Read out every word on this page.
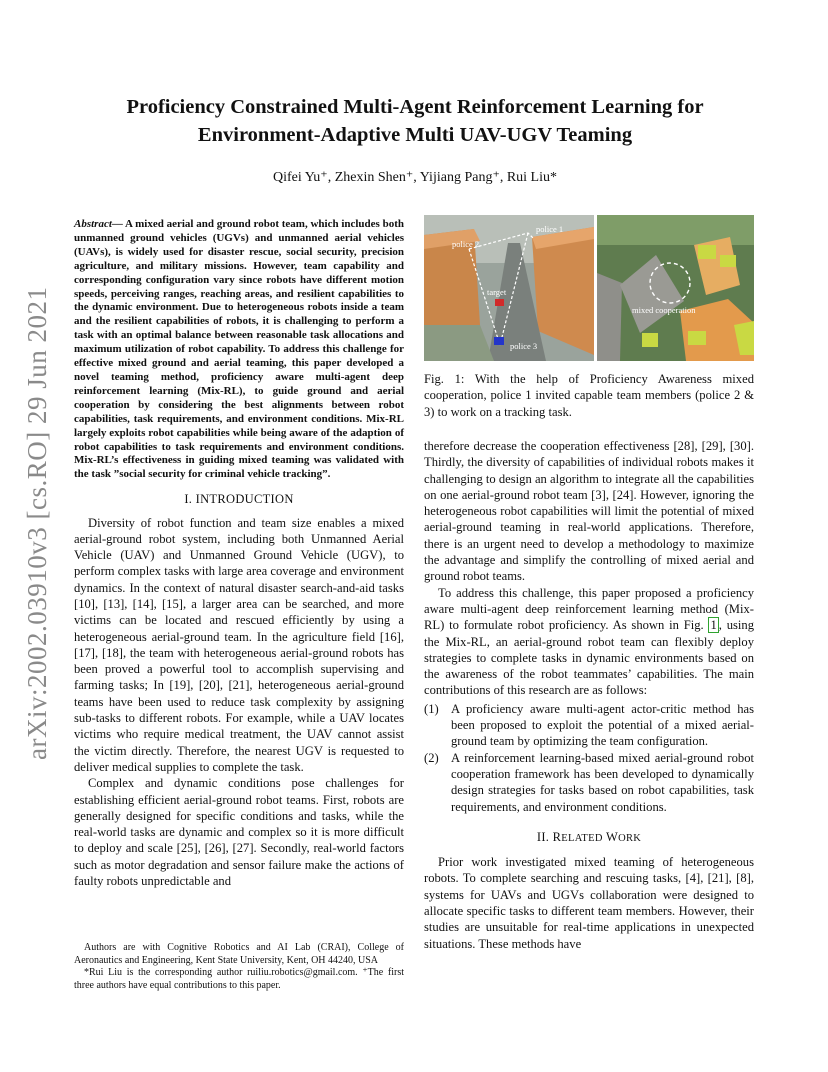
arXiv:2002.03910v3 [cs.RO] 29 Jun 2021
Proficiency Constrained Multi-Agent Reinforcement Learning for
Environment-Adaptive Multi UAV-UGV Teaming
Qifei Yu⁺, Zhexin Shen⁺, Yijiang Pang⁺, Rui Liu*

Abstract— A mixed aerial and ground robot team, which includes both unmanned ground vehicles (UGVs) and unmanned aerial vehicles (UAVs), is widely used for disaster rescue, social security, precision agriculture, and military missions. However, team capability and corresponding configuration vary since robots have different motion speeds, perceiving ranges, reaching areas, and resilient capabilities to the dynamic environment. Due to heterogeneous robots inside a team and the resilient capabilities of robots, it is challenging to perform a task with an optimal balance between reasonable task allocations and maximum utilization of robot capability. To address this challenge for effective mixed ground and aerial teaming, this paper developed a novel teaming method, proficiency aware multi-agent deep reinforcement learning (Mix-RL), to guide ground and aerial cooperation by considering the best alignments between robot capabilities, task requirements, and environment conditions. Mix-RL largely exploits robot capabilities while being aware of the adaption of robot capabilities to task requirements and environment conditions. Mix-RL’s effectiveness in guiding mixed teaming was validated with the task ”social security for criminal vehicle tracking”.

I. INTRODUCTION

Diversity of robot function and team size enables a mixed aerial-ground robot system, including both Unmanned Aerial Vehicle (UAV) and Unmanned Ground Vehicle (UGV), to perform complex tasks with large area coverage and environment dynamics. In the context of natural disaster search-and-aid tasks [10], [13], [14], [15], a larger area can be searched, and more victims can be located and rescued efficiently by using a heterogeneous aerial-ground team. In the agriculture field [16], [17], [18], the team with heterogeneous aerial-ground robots has been proved a powerful tool to accomplish supervising and farming tasks; In [19], [20], [21], heterogeneous aerial-ground teams have been used to reduce task complexity by assigning sub-tasks to different robots. For example, while a UAV locates victims who require medical treatment, the UAV cannot assist the victim directly. Therefore, the nearest UGV is requested to deliver medical supplies to complete the task.

Complex and dynamic conditions pose challenges for establishing efficient aerial-ground robot teams. First, robots are generally designed for specific conditions and tasks, while the real-world tasks are dynamic and complex so it is more difficult to deploy and scale [25], [26], [27]. Secondly, real-world factors such as motor degradation and sensor failure make the actions of faulty robots unpredictable and

Authors are with Cognitive Robotics and AI Lab (CRAI), College of Aeronautics and Engineering, Kent State University, Kent, OH 44240, USA

*Rui Liu is the corresponding author ruiliu.robotics@gmail.com. ⁺The first three authors have equal contributions to this paper.

police 2
police 1
target
police 3
mixed cooperation
Fig. 1: With the help of Proficiency Awareness mixed cooperation, police 1 invited capable team members (police 2 & 3) to work on a tracking task.

therefore decrease the cooperation effectiveness [28], [29], [30]. Thirdly, the diversity of capabilities of individual robots makes it challenging to design an algorithm to integrate all the capabilities on one aerial-ground robot team [3], [24]. However, ignoring the heterogeneous robot capabilities will limit the potential of mixed aerial-ground teaming in real-world applications. Therefore, there is an urgent need to develop a methodology to maximize the advantage and simplify the controlling of mixed aerial and ground robot teams.

To address this challenge, this paper proposed a proficiency aware multi-agent deep reinforcement learning method (Mix-RL) to formulate robot proficiency. As shown in Fig. 1 , using the Mix-RL, an aerial-ground robot team can flexibly deploy strategies to complete tasks in dynamic environments based on the awareness of the robot teammates’ capabilities. The main contributions of this research are as follows:

(1) A proficiency aware multi-agent actor-critic method has been proposed to exploit the potential of a mixed aerial-ground team by optimizing the team configuration.
(2) A reinforcement learning-based mixed aerial-ground robot cooperation framework has been developed to dynamically design strategies for tasks based on robot capabilities, task requirements, and environment conditions.
II. RELATED WORK

Prior work investigated mixed teaming of heterogeneous robots. To complete searching and rescuing tasks, [4], [21], [8], systems for UAVs and UGVs collaboration were designed to allocate specific tasks to different team members. However, their studies are unsuitable for real-time applications in unexpected situations. These methods have
